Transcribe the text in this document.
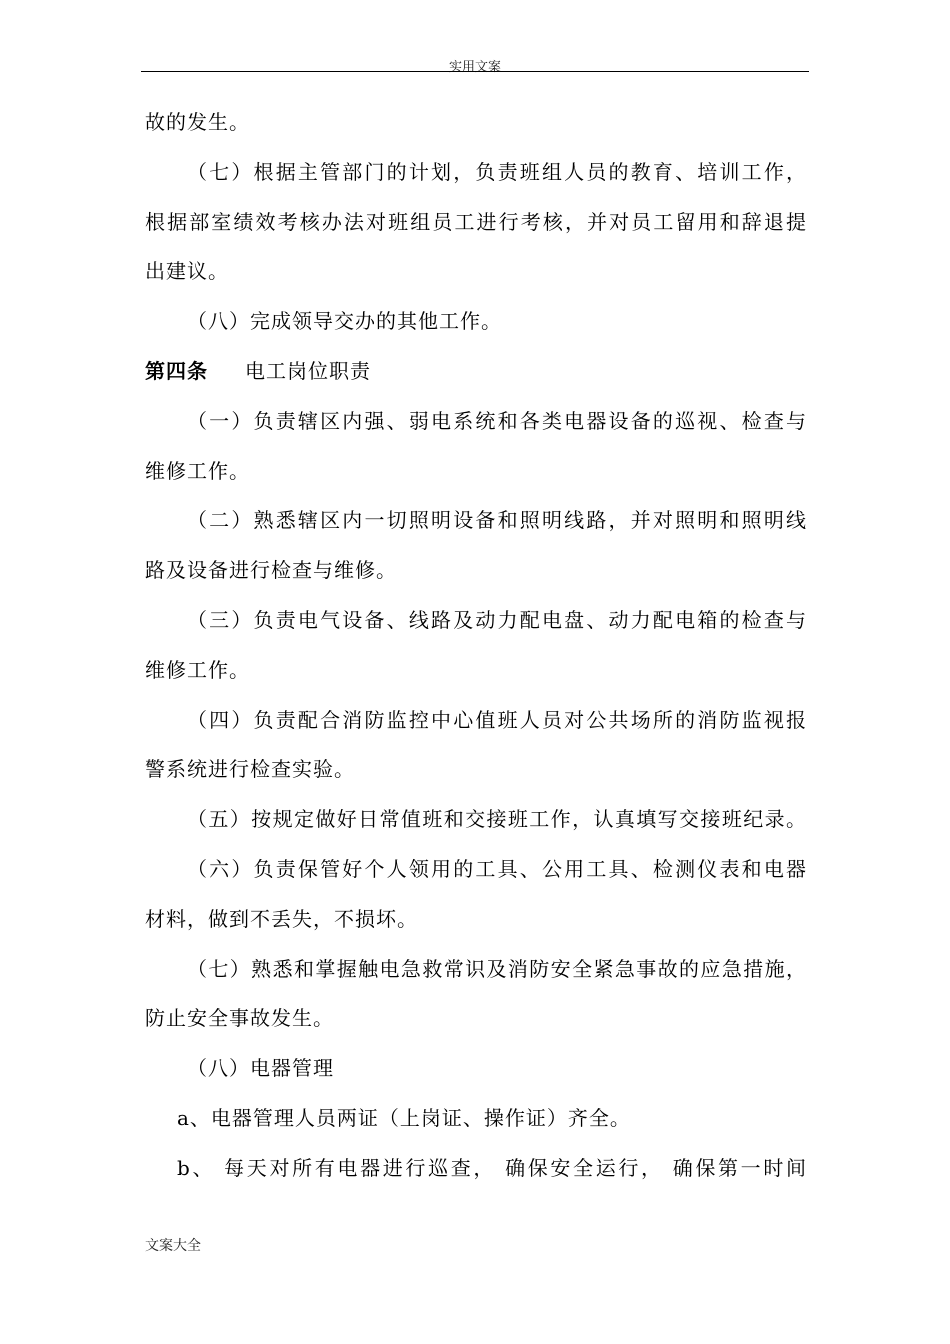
实用文案
故的发生。
（七）根据主管部门的计划，负责班组人员的教育、培训工作，
根据部室绩效考核办法对班组员工进行考核，并对员工留用和辞退提
出建议。
（八）完成领导交办的其他工作。
第四条 电工岗位职责
（一）负责辖区内强、弱电系统和各类电器设备的巡视、检查与
维修工作。
（二）熟悉辖区内一切照明设备和照明线路，并对照明和照明线
路及设备进行检查与维修。
（三）负责电气设备、线路及动力配电盘、动力配电箱的检查与
维修工作。
（四）负责配合消防监控中心值班人员对公共场所的消防监视报
警系统进行检查实验。
（五）按规定做好日常值班和交接班工作，认真填写交接班纪录。
（六）负责保管好个人领用的工具、公用工具、检测仪表和电器
材料，做到不丢失，不损坏。
（七）熟悉和掌握触电急救常识及消防安全紧急事故的应急措施，
防止安全事故发生。
（八）电器管理
a、电器管理人员两证（上岗证、操作证）齐全。
b、 每天对所有电器进行巡查， 确保安全运行， 确保第一时间
文案大全
